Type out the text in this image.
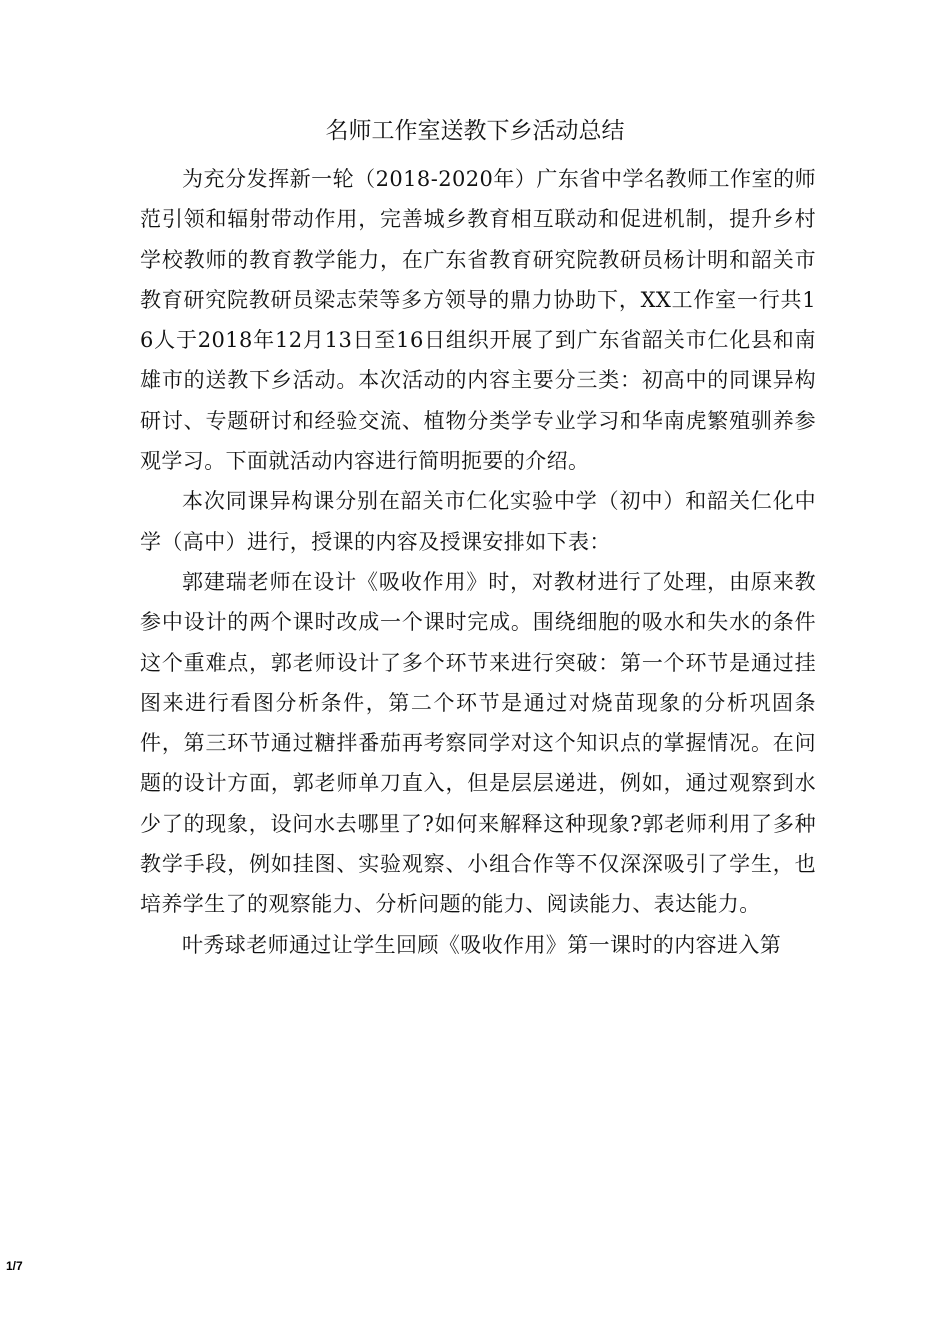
名师工作室送教下乡活动总结

为充分发挥新一轮（2018-2020年）广东省中学名教师工作室的师范引领和辐射带动作用，完善城乡教育相互联动和促进机制，提升乡村学校教师的教育教学能力，在广东省教育研究院教研员杨计明和韶关市教育研究院教研员梁志荣等多方领导的鼎力协助下，XX工作室一行共16人于2018年12月13日至16日组织开展了到广东省韶关市仁化县和南雄市的送教下乡活动。本次活动的内容主要分三类：初高中的同课异构研讨、专题研讨和经验交流、植物分类学专业学习和华南虎繁殖驯养参观学习。下面就活动内容进行简明扼要的介绍。

本次同课异构课分别在韶关市仁化实验中学（初中）和韶关仁化中学（高中）进行，授课的内容及授课安排如下表：

郭建瑞老师在设计《吸收作用》时，对教材进行了处理，由原来教参中设计的两个课时改成一个课时完成。围绕细胞的吸水和失水的条件这个重难点，郭老师设计了多个环节来进行突破：第一个环节是通过挂图来进行看图分析条件，第二个环节是通过对烧苗现象的分析巩固条件，第三环节通过糖拌番茄再考察同学对这个知识点的掌握情况。在问题的设计方面，郭老师单刀直入，但是层层递进，例如，通过观察到水少了的现象，设问水去哪里了?如何来解释这种现象?郭老师利用了多种教学手段，例如挂图、实验观察、小组合作等不仅深深吸引了学生，也培养学生了的观察能力、分析问题的能力、阅读能力、表达能力。

叶秀球老师通过让学生回顾《吸收作用》第一课时的内容进入第

1/7
